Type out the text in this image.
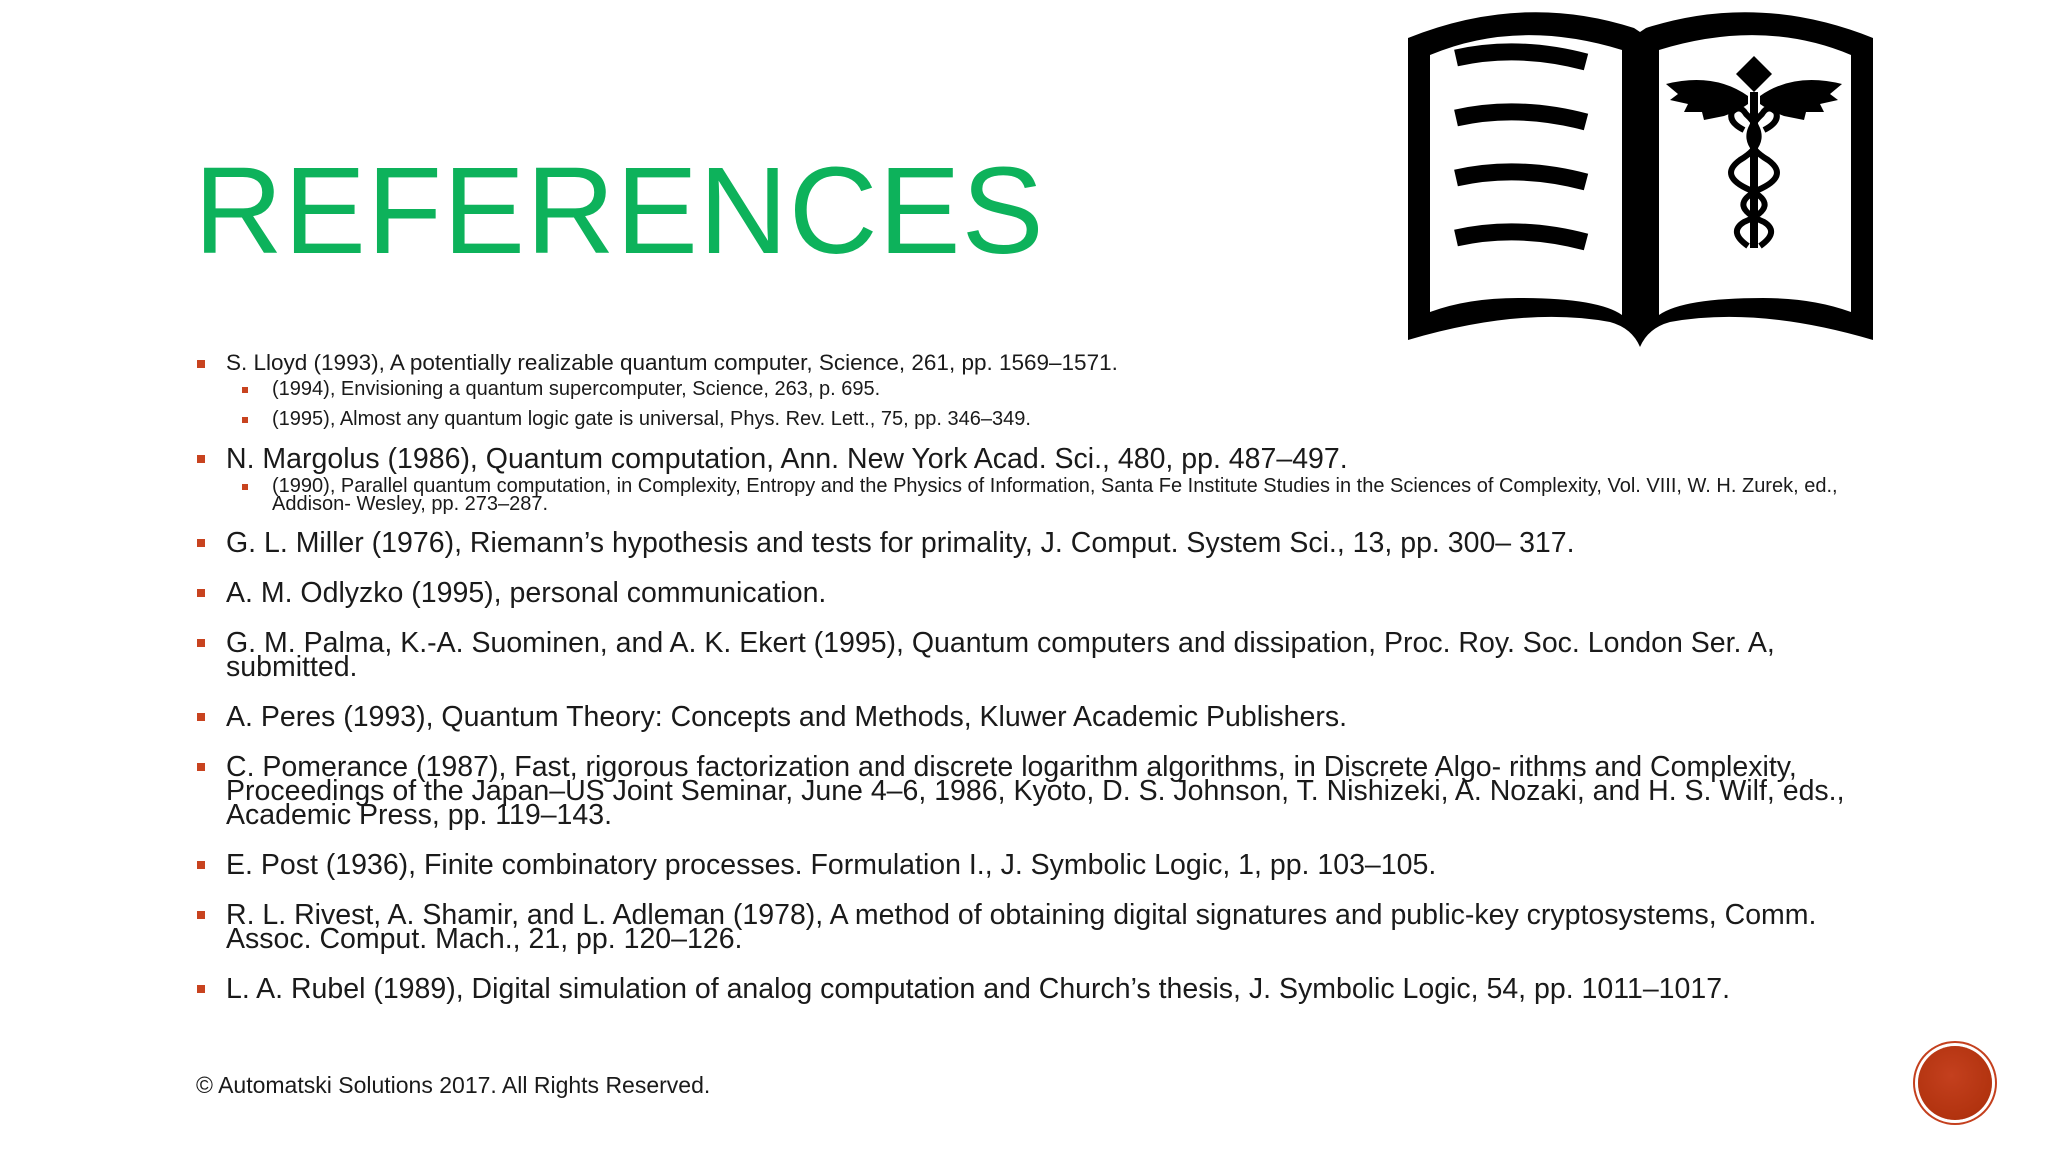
REFERENCES
S. Lloyd (1993), A potentially realizable quantum computer, Science, 261, pp. 1569–1571.
(1994), Envisioning a quantum supercomputer, Science, 263, p. 695.
(1995), Almost any quantum logic gate is universal, Phys. Rev. Lett., 75, pp. 346–349.
N. Margolus (1986), Quantum computation, Ann. New York Acad. Sci., 480, pp. 487–497.
(1990), Parallel quantum computation, in Complexity, Entropy and the Physics of Information, Santa Fe Institute Studies in the Sciences of Complexity, Vol. VIII, W. H. Zurek, ed., Addison- Wesley, pp. 273–287.
G. L. Miller (1976), Riemann’s hypothesis and tests for primality, J. Comput. System Sci., 13, pp. 300– 317.
A. M. Odlyzko (1995), personal communication.
G. M. Palma, K.-A. Suominen, and A. K. Ekert (1995), Quantum computers and dissipation, Proc. Roy. Soc. London Ser. A, submitted.
A. Peres (1993), Quantum Theory: Concepts and Methods, Kluwer Academic Publishers.
C. Pomerance (1987), Fast, rigorous factorization and discrete logarithm algorithms, in Discrete Algo- rithms and Complexity, Proceedings of the Japan–US Joint Seminar, June 4–6, 1986, Kyoto, D. S. Johnson, T. Nishizeki, A. Nozaki, and H. S. Wilf, eds., Academic Press, pp. 119–143.
E. Post (1936), Finite combinatory processes. Formulation I., J. Symbolic Logic, 1, pp. 103–105.
R. L. Rivest, A. Shamir, and L. Adleman (1978), A method of obtaining digital signatures and public-key cryptosystems, Comm. Assoc. Comput. Mach., 21, pp. 120–126.
L. A. Rubel (1989), Digital simulation of analog computation and Church’s thesis, J. Symbolic Logic, 54, pp. 1011–1017.
© Automatski Solutions 2017. All Rights Reserved.
